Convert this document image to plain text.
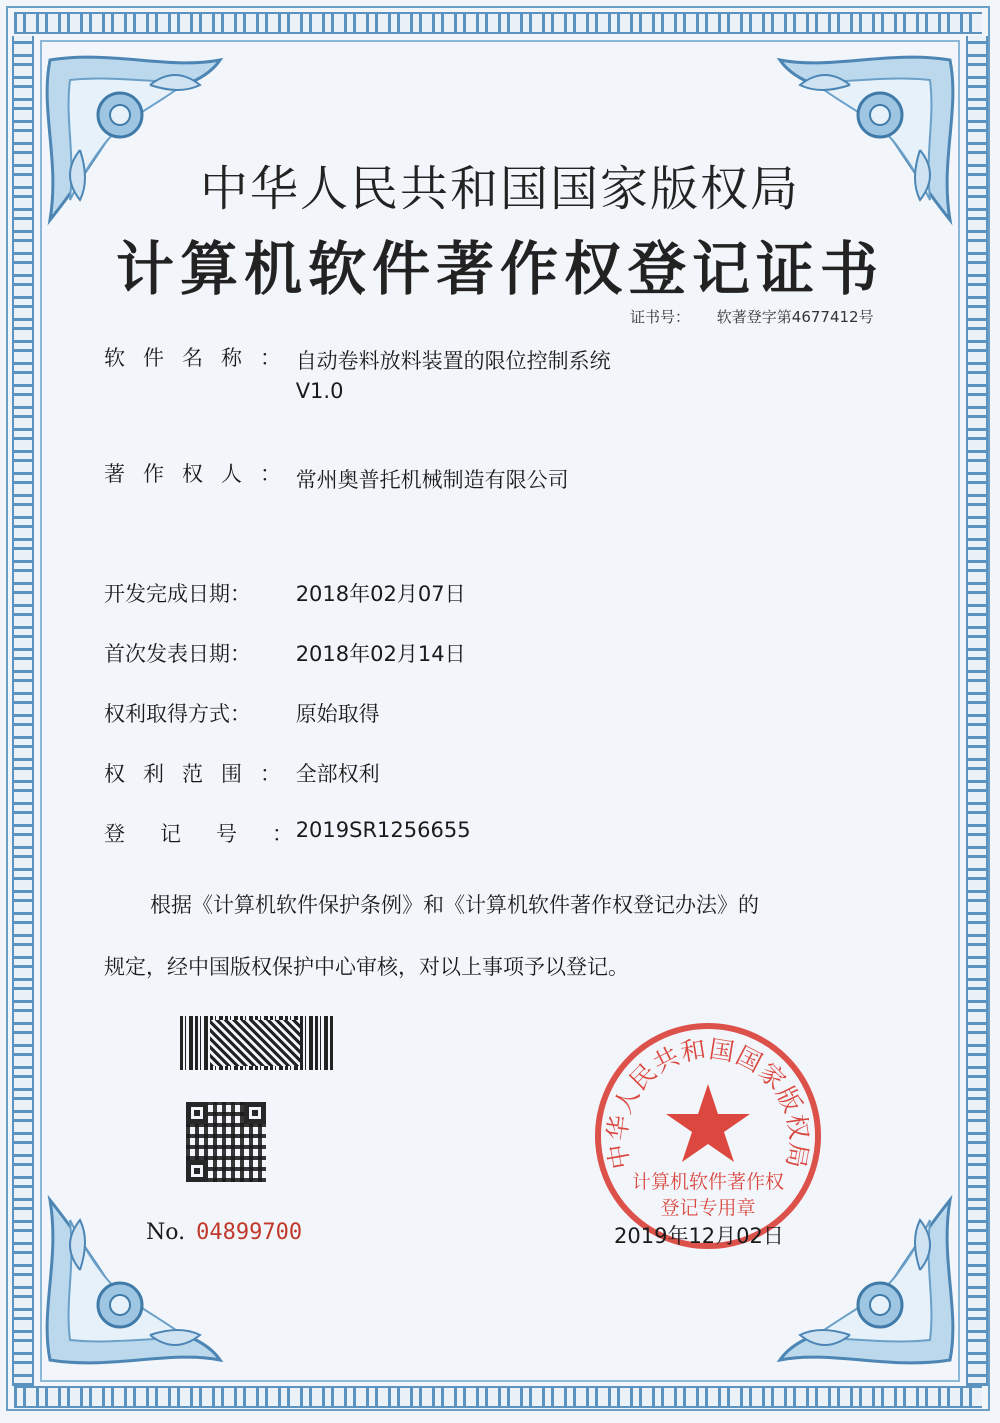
中华人民共和国国家版权局
计算机软件著作权登记证书
证书号： 软著登字第4677412号
软件名称：
自动卷料放料装置的限位控制系统
V1.0
著作权人： 常州奥普托机械制造有限公司
开发完成日期： 2018年02月07日
首次发表日期： 2018年02月14日
权利取得方式： 原始取得
权利范围： 全部权利
登记号： 2019SR1256655
根据《计算机软件保护条例》和《计算机软件著作权登记办法》的
规定，经中国版权保护中心审核，对以上事项予以登记。
No. 04899700
中华人民共和国国家版权局
计算机软件著作权
登记专用章
2019年12月02日
